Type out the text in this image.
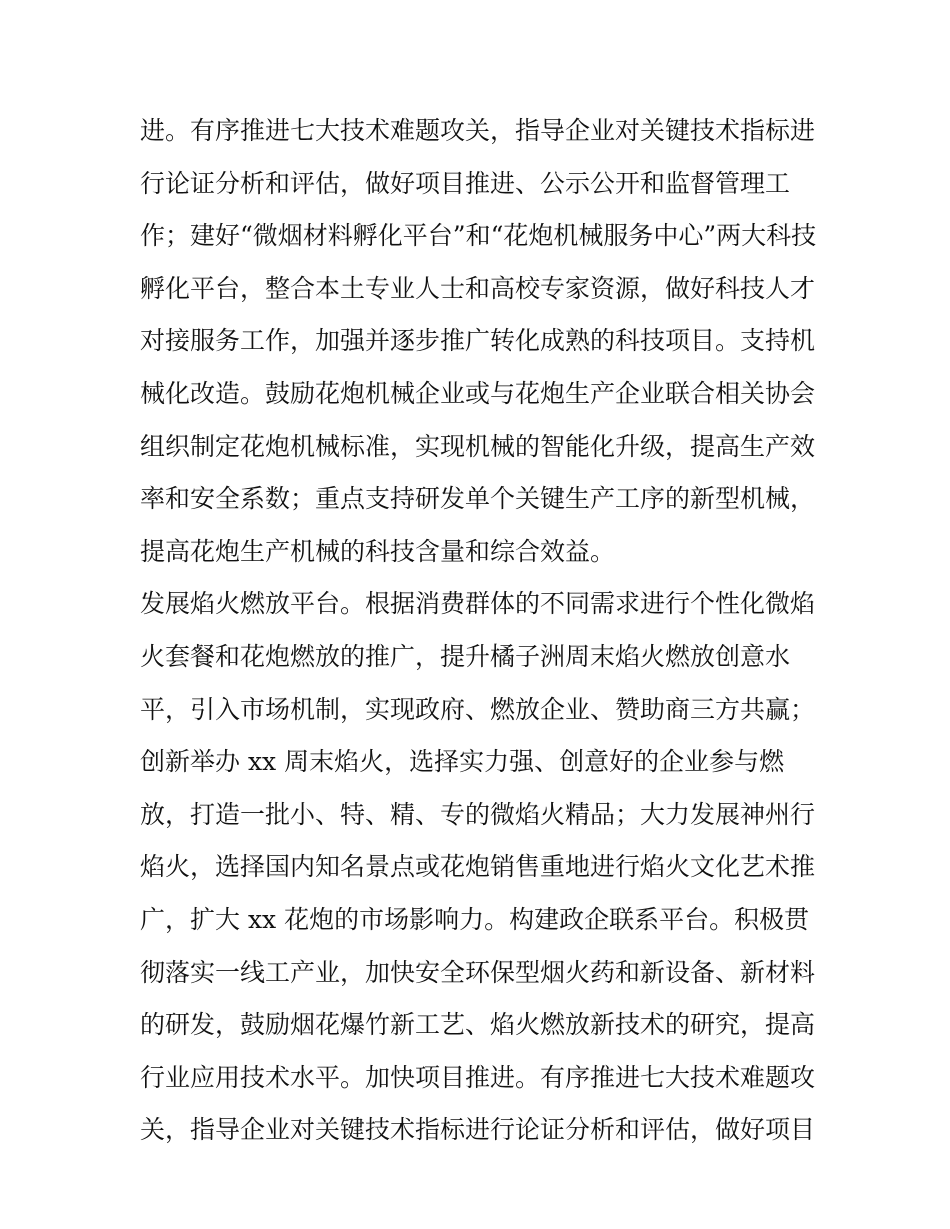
进。有序推进七大技术难题攻关，指导企业对关键技术指标进
行论证分析和评估，做好项目推进、公示公开和监督管理工
作；建好“微烟材料孵化平台”和“花炮机械服务中心”两大科技
孵化平台，整合本土专业人士和高校专家资源，做好科技人才
对接服务工作，加强并逐步推广转化成熟的科技项目。支持机
械化改造。鼓励花炮机械企业或与花炮生产企业联合相关协会
组织制定花炮机械标准，实现机械的智能化升级，提高生产效
率和安全系数；重点支持研发单个关键生产工序的新型机械，
提高花炮生产机械的科技含量和综合效益。
发展焰火燃放平台。根据消费群体的不同需求进行个性化微焰
火套餐和花炮燃放的推广，提升橘子洲周末焰火燃放创意水
平，引入市场机制，实现政府、燃放企业、赞助商三方共赢；
创新举办 xx 周末焰火，选择实力强、创意好的企业参与燃
放，打造一批小、特、精、专的微焰火精品；大力发展神州行
焰火，选择国内知名景点或花炮销售重地进行焰火文化艺术推
广，扩大 xx 花炮的市场影响力。构建政企联系平台。积极贯
彻落实一线工产业，加快安全环保型烟火药和新设备、新材料
的研发，鼓励烟花爆竹新工艺、焰火燃放新技术的研究，提高
行业应用技术水平。加快项目推进。有序推进七大技术难题攻
关，指导企业对关键技术指标进行论证分析和评估，做好项目
